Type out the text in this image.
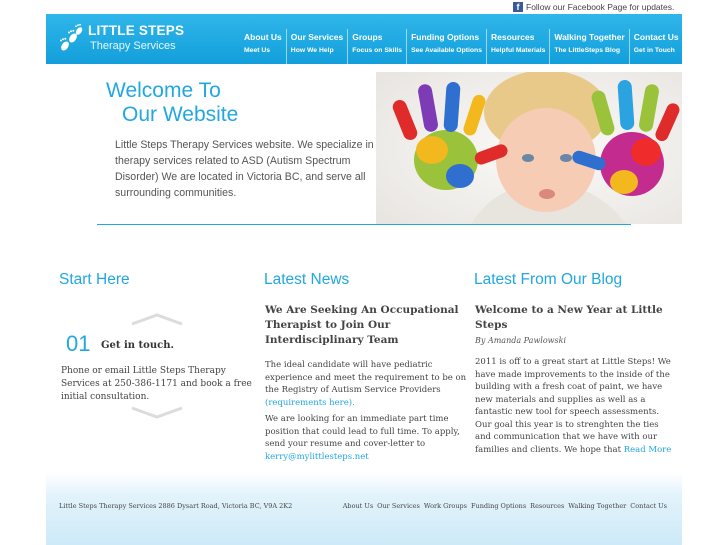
f Follow our Facebook Page for updates.
LITTLE STEPS
Therapy Services
About Us
Meet Us
Our Services
How We Help
Groups
Focus on Skills
Funding Options
See Available Options
Resources
Helpful Materials
Walking Together
The LittleSteps Blog
Contact Us
Get in Touch
Welcome To
Our Website

Little Steps Therapy Services website. We specialize in therapy services related to ASD (Autism Spectrum Disorder) We are located in Victoria BC, and serve all surrounding communities.

Start Here
01 Get in touch.

Phone or email Little Steps Therapy Services at 250-386-1171 and book a free initial consultation.

Latest News
We Are Seeking An Occupational Therapist to Join Our Interdisciplinary Team

The ideal candidate will have pediatric experience and meet the requirement to be on the Registry of Autism Service Providers (requirements here).

We are looking for an immediate part time position that could lead to full time. To apply, send your resume and cover-letter to kerry@mylittlesteps.net

Latest From Our Blog
Welcome to a New Year at Little Steps
By Amanda Pawlowski

2011 is off to a great start at Little Steps! We have made improvements to the inside of the building with a fresh coat of paint, we have new materials and supplies as well as a fantastic new tool for speech assessments. Our goal this year is to strenghten the ties and communication that we have with our families and clients. We hope that Read More

Little Steps Therapy Services 2886 Dysart Road, Victoria BC, V9A 2K2	About Us Our Services Work Groups Funding Options Resources Walking Together Contact Us
